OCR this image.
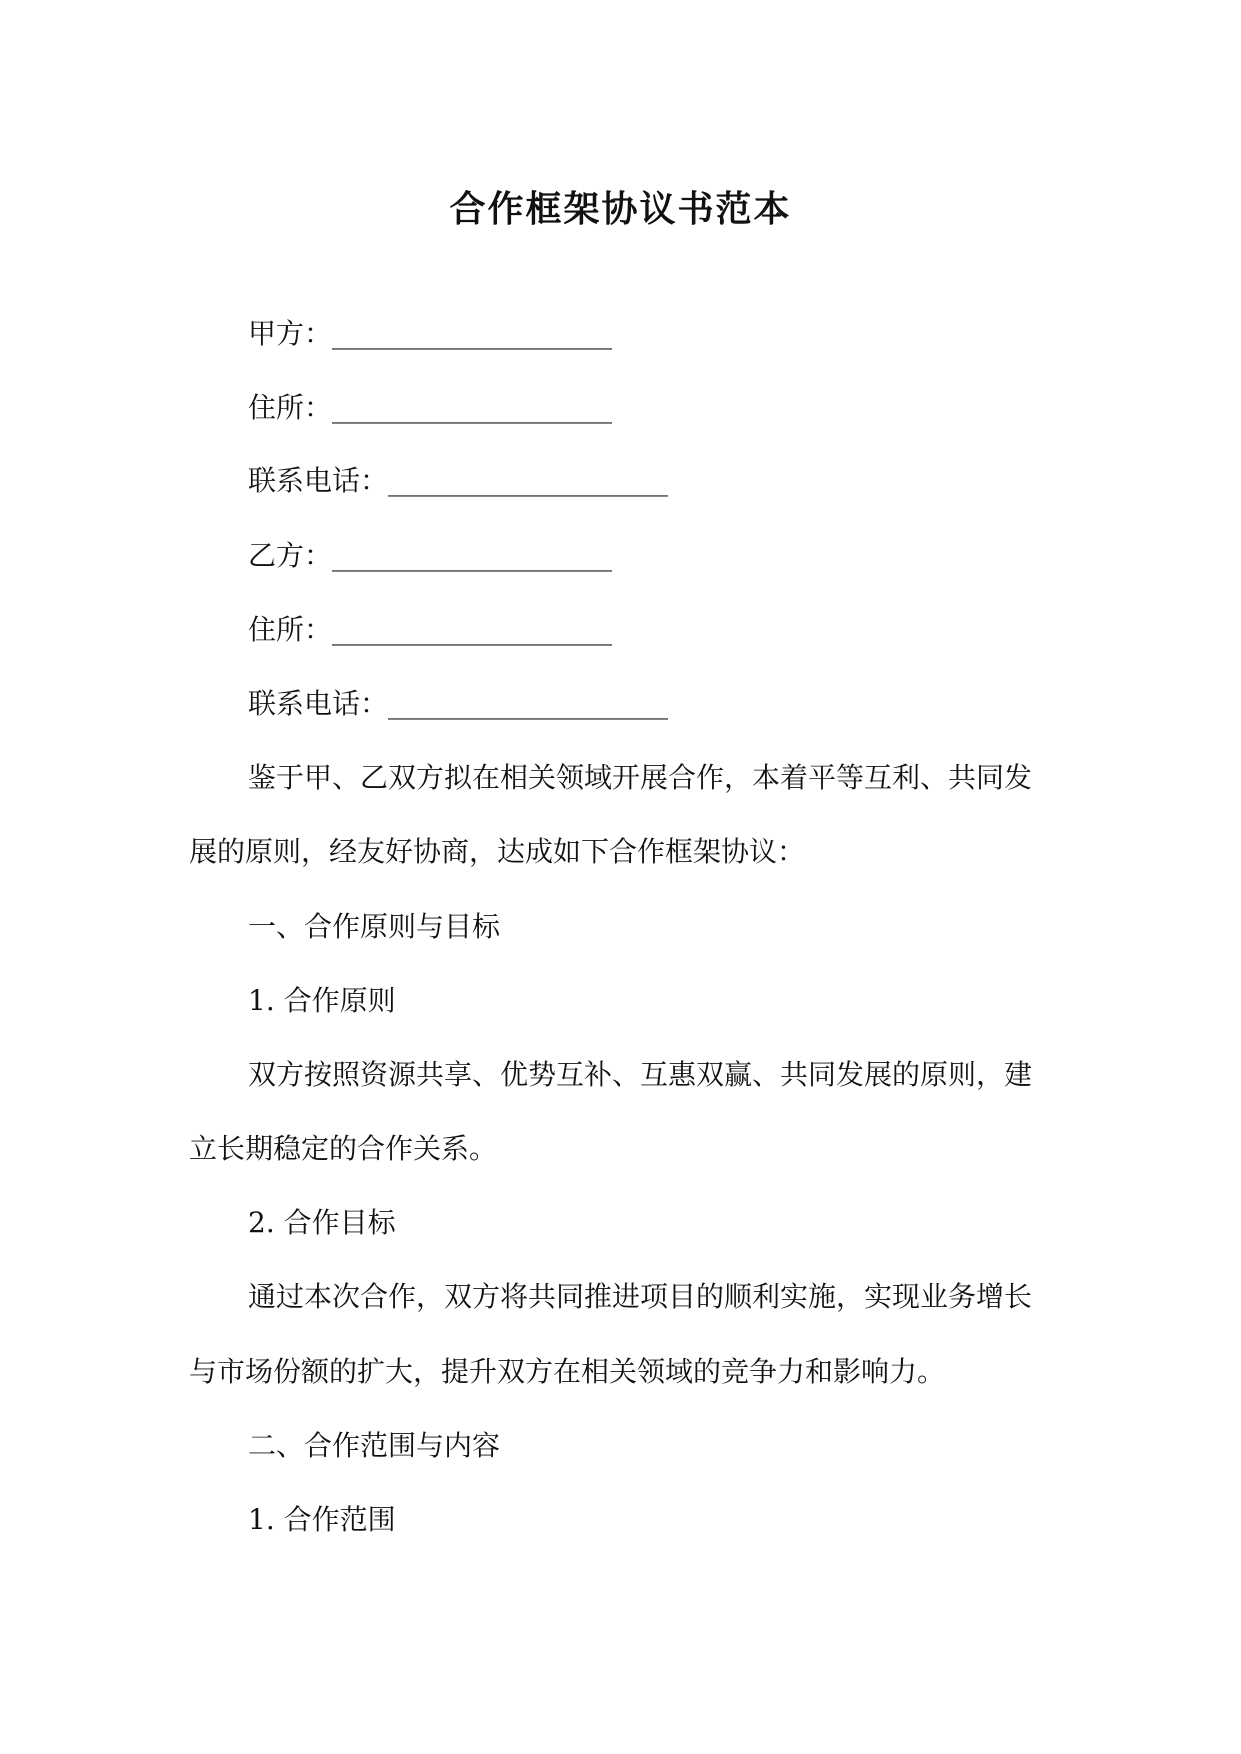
合作框架协议书范本
甲方：____________________
住所：____________________
联系电话：____________________
乙方：____________________
住所：____________________
联系电话：____________________
鉴于甲、乙双方拟在相关领域开展合作，本着平等互利、共同发
展的原则，经友好协商，达成如下合作框架协议：
一、合作原则与目标
1. 合作原则
双方按照资源共享、优势互补、互惠双赢、共同发展的原则，建
立长期稳定的合作关系。
2. 合作目标
通过本次合作，双方将共同推进项目的顺利实施，实现业务增长
与市场份额的扩大，提升双方在相关领域的竞争力和影响力。
二、合作范围与内容
1. 合作范围
